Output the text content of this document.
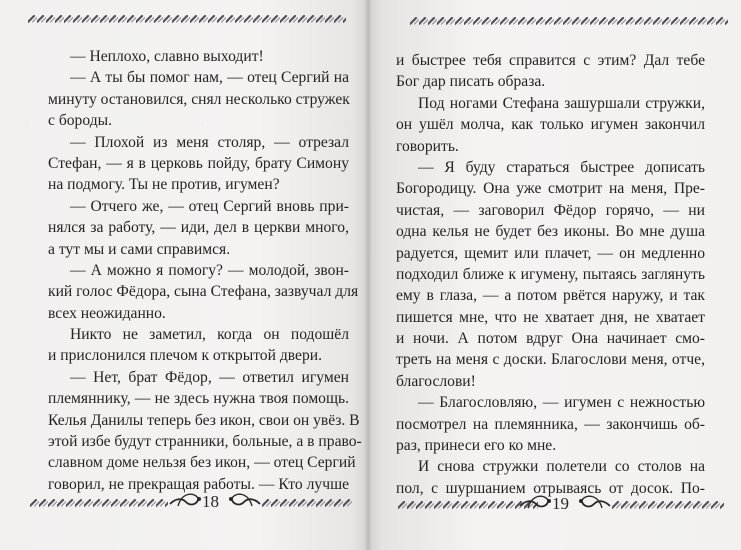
— Неплохо, славно выходит!
— А ты бы помог нам, — отец Сергий на
минуту остановился, снял несколько стружек
с бороды.
— Плохой из меня столяр, — отрезал
Стефан, — я в церковь пойду, брату Симону
на подмогу. Ты не против, игумен?
— Отчего же, — отец Сергий вновь при-
нялся за работу, — иди, дел в церкви много,
а тут мы и сами справимся.
— А можно я помогу? — молодой, звон-
кий голос Фёдора, сына Стефана, зазвучал для
всех неожиданно.
Никто не заметил, когда он подошёл
и прислонился плечом к открытой двери.
— Нет, брат Фёдор, — ответил игумен
племяннику, — не здесь нужна твоя помощь.
Келья Данилы теперь без икон, свои он увёз. В
этой избе будут странники, больные, а в право-
славном доме нельзя без икон, — отец Сергий
говорил, не прекращая работы. — Кто лучше
18
и быстрее тебя справится с этим? Дал тебе
Бог дар писать образа.
Под ногами Стефана зашуршали стружки,
он ушёл молча, как только игумен закончил
говорить.
— Я буду стараться быстрее дописать
Богородицу. Она уже смотрит на меня, Пре-
чистая, — заговорил Фёдор горячо, — ни
одна келья не будет без иконы. Во мне душа
радуется, щемит или плачет, — он медленно
подходил ближе к игумену, пытаясь заглянуть
ему в глаза, — а потом рвётся наружу, и так
пишется мне, что не хватает дня, не хватает
и ночи. А потом вдруг Она начинает смо-
треть на меня с доски. Благослови меня, отче,
благослови!
— Благословляю, — игумен с нежностью
посмотрел на племянника, — закончишь об-
раз, принеси его ко мне.
И снова стружки полетели со столов на
пол, с шуршанием отрываясь от досок. По-
19
